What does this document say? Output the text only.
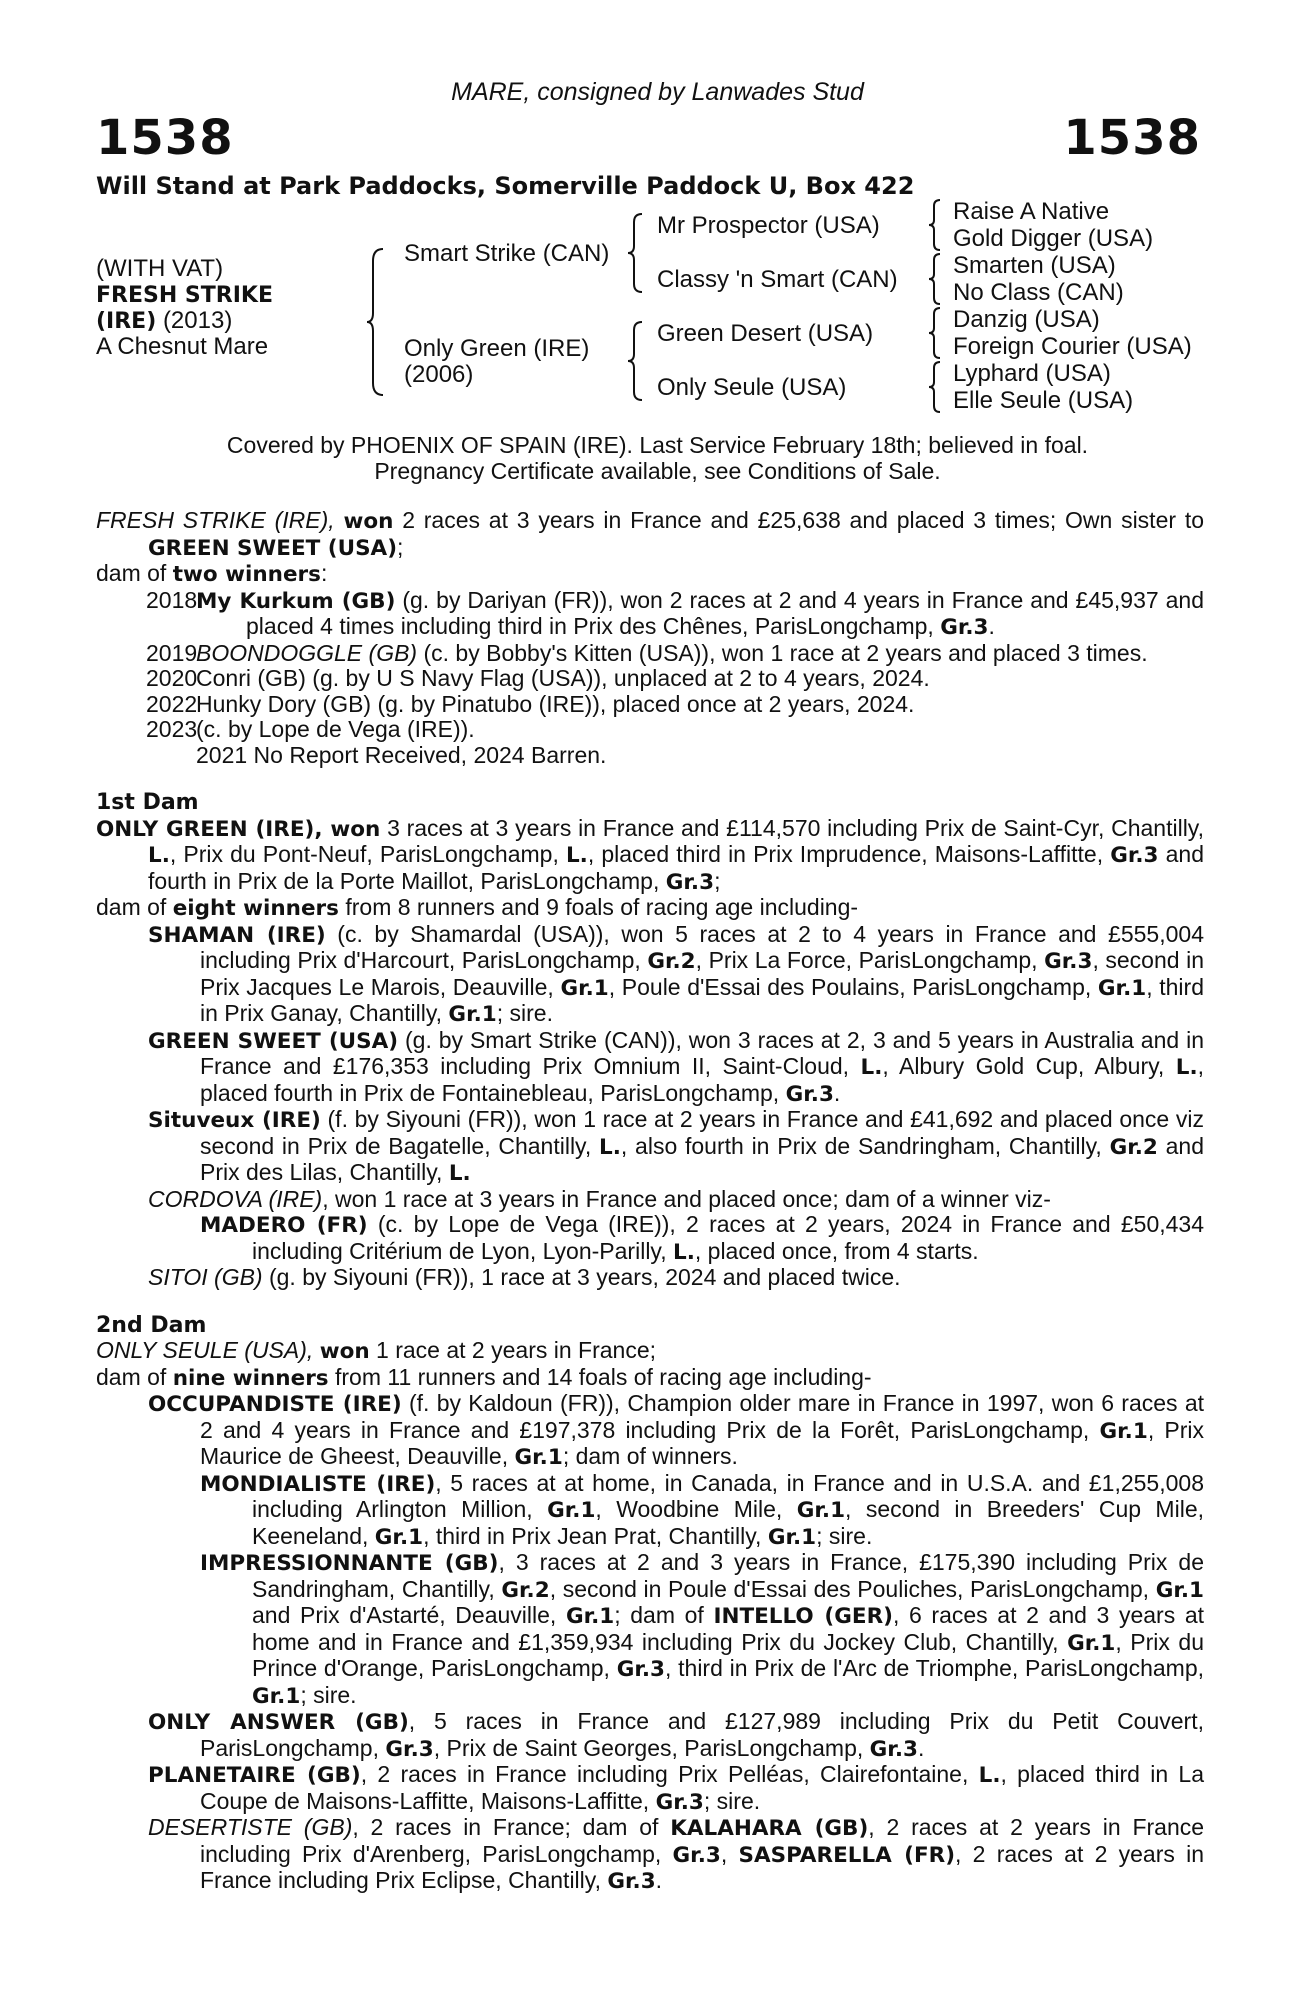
MARE, consigned by Lanwades Stud
1538	1538
Will Stand at Park Paddocks, Somerville Paddock U, Box 422
(WITH VAT)
FRESH STRIKE
(IRE) (2013)
A Chesnut Mare
Smart Strike (CAN)
Only Green (IRE)
(2006)
Mr Prospector (USA)
Classy 'n Smart (CAN)
Green Desert (USA)
Only Seule (USA)
Raise A Native
Gold Digger (USA)
Smarten (USA)
No Class (CAN)
Danzig (USA)
Foreign Courier (USA)
Lyphard (USA)
Elle Seule (USA)
Covered by PHOENIX OF SPAIN (IRE). Last Service February 18th; believed in foal.
Pregnancy Certificate available, see Conditions of Sale.

FRESH STRIKE (IRE), won 2 races at 3 years in France and £25,638 and placed 3 times; Own sister to GREEN SWEET (USA);

dam of two winners:

2018	My Kurkum (GB) (g. by Dariyan (FR)), won 2 races at 2 and 4 years in France and £45,937 and placed 4 times including third in Prix des Chênes, ParisLongchamp, Gr.3.
2019	BOONDOGGLE (GB) (c. by Bobby's Kitten (USA)), won 1 race at 2 years and placed 3 times.
2020	Conri (GB) (g. by U S Navy Flag (USA)), unplaced at 2 to 4 years, 2024.
2022	Hunky Dory (GB) (g. by Pinatubo (IRE)), placed once at 2 years, 2024.
2023	(c. by Lope de Vega (IRE)).
	2021 No Report Received, 2024 Barren.
1st Dam

ONLY GREEN (IRE), won 3 races at 3 years in France and £114,570 including Prix de Saint-Cyr, Chantilly, L., Prix du Pont-Neuf, ParisLongchamp, L., placed third in Prix Imprudence, Maisons-Laffitte, Gr.3 and fourth in Prix de la Porte Maillot, ParisLongchamp, Gr.3;

dam of eight winners from 8 runners and 9 foals of racing age including-

SHAMAN (IRE) (c. by Shamardal (USA)), won 5 races at 2 to 4 years in France and £555,004 including Prix d'Harcourt, ParisLongchamp, Gr.2, Prix La Force, ParisLongchamp, Gr.3, second in Prix Jacques Le Marois, Deauville, Gr.1, Poule d'Essai des Poulains, ParisLongchamp, Gr.1, third in Prix Ganay, Chantilly, Gr.1; sire.

GREEN SWEET (USA) (g. by Smart Strike (CAN)), won 3 races at 2, 3 and 5 years in Australia and in France and £176,353 including Prix Omnium II, Saint-Cloud, L., Albury Gold Cup, Albury, L., placed fourth in Prix de Fontainebleau, ParisLongchamp, Gr.3.

Situveux (IRE) (f. by Siyouni (FR)), won 1 race at 2 years in France and £41,692 and placed once viz second in Prix de Bagatelle, Chantilly, L., also fourth in Prix de Sandringham, Chantilly, Gr.2 and Prix des Lilas, Chantilly, L.

CORDOVA (IRE), won 1 race at 3 years in France and placed once; dam of a winner viz-

MADERO (FR) (c. by Lope de Vega (IRE)), 2 races at 2 years, 2024 in France and £50,434 including Critérium de Lyon, Lyon-Parilly, L., placed once, from 4 starts.

SITOI (GB) (g. by Siyouni (FR)), 1 race at 3 years, 2024 and placed twice.

2nd Dam

ONLY SEULE (USA), won 1 race at 2 years in France;

dam of nine winners from 11 runners and 14 foals of racing age including-

OCCUPANDISTE (IRE) (f. by Kaldoun (FR)), Champion older mare in France in 1997, won 6 races at 2 and 4 years in France and £197,378 including Prix de la Forêt, ParisLongchamp, Gr.1, Prix Maurice de Gheest, Deauville, Gr.1; dam of winners.

MONDIALISTE (IRE), 5 races at at home, in Canada, in France and in U.S.A. and £1,255,008 including Arlington Million, Gr.1, Woodbine Mile, Gr.1, second in Breeders' Cup Mile, Keeneland, Gr.1, third in Prix Jean Prat, Chantilly, Gr.1; sire.

IMPRESSIONNANTE (GB), 3 races at 2 and 3 years in France, £175,390 including Prix de Sandringham, Chantilly, Gr.2, second in Poule d'Essai des Pouliches, ParisLongchamp, Gr.1 and Prix d'Astarté, Deauville, Gr.1; dam of INTELLO (GER), 6 races at 2 and 3 years at home and in France and £1,359,934 including Prix du Jockey Club, Chantilly, Gr.1, Prix du Prince d'Orange, ParisLongchamp, Gr.3, third in Prix de l'Arc de Triomphe, ParisLongchamp, Gr.1; sire.

ONLY ANSWER (GB), 5 races in France and £127,989 including Prix du Petit Couvert, ParisLongchamp, Gr.3, Prix de Saint Georges, ParisLongchamp, Gr.3.

PLANETAIRE (GB), 2 races in France including Prix Pelléas, Clairefontaine, L., placed third in La Coupe de Maisons-Laffitte, Maisons-Laffitte, Gr.3; sire.

DESERTISTE (GB), 2 races in France; dam of KALAHARA (GB), 2 races at 2 years in France including Prix d'Arenberg, ParisLongchamp, Gr.3, SASPARELLA (FR), 2 races at 2 years in France including Prix Eclipse, Chantilly, Gr.3.
